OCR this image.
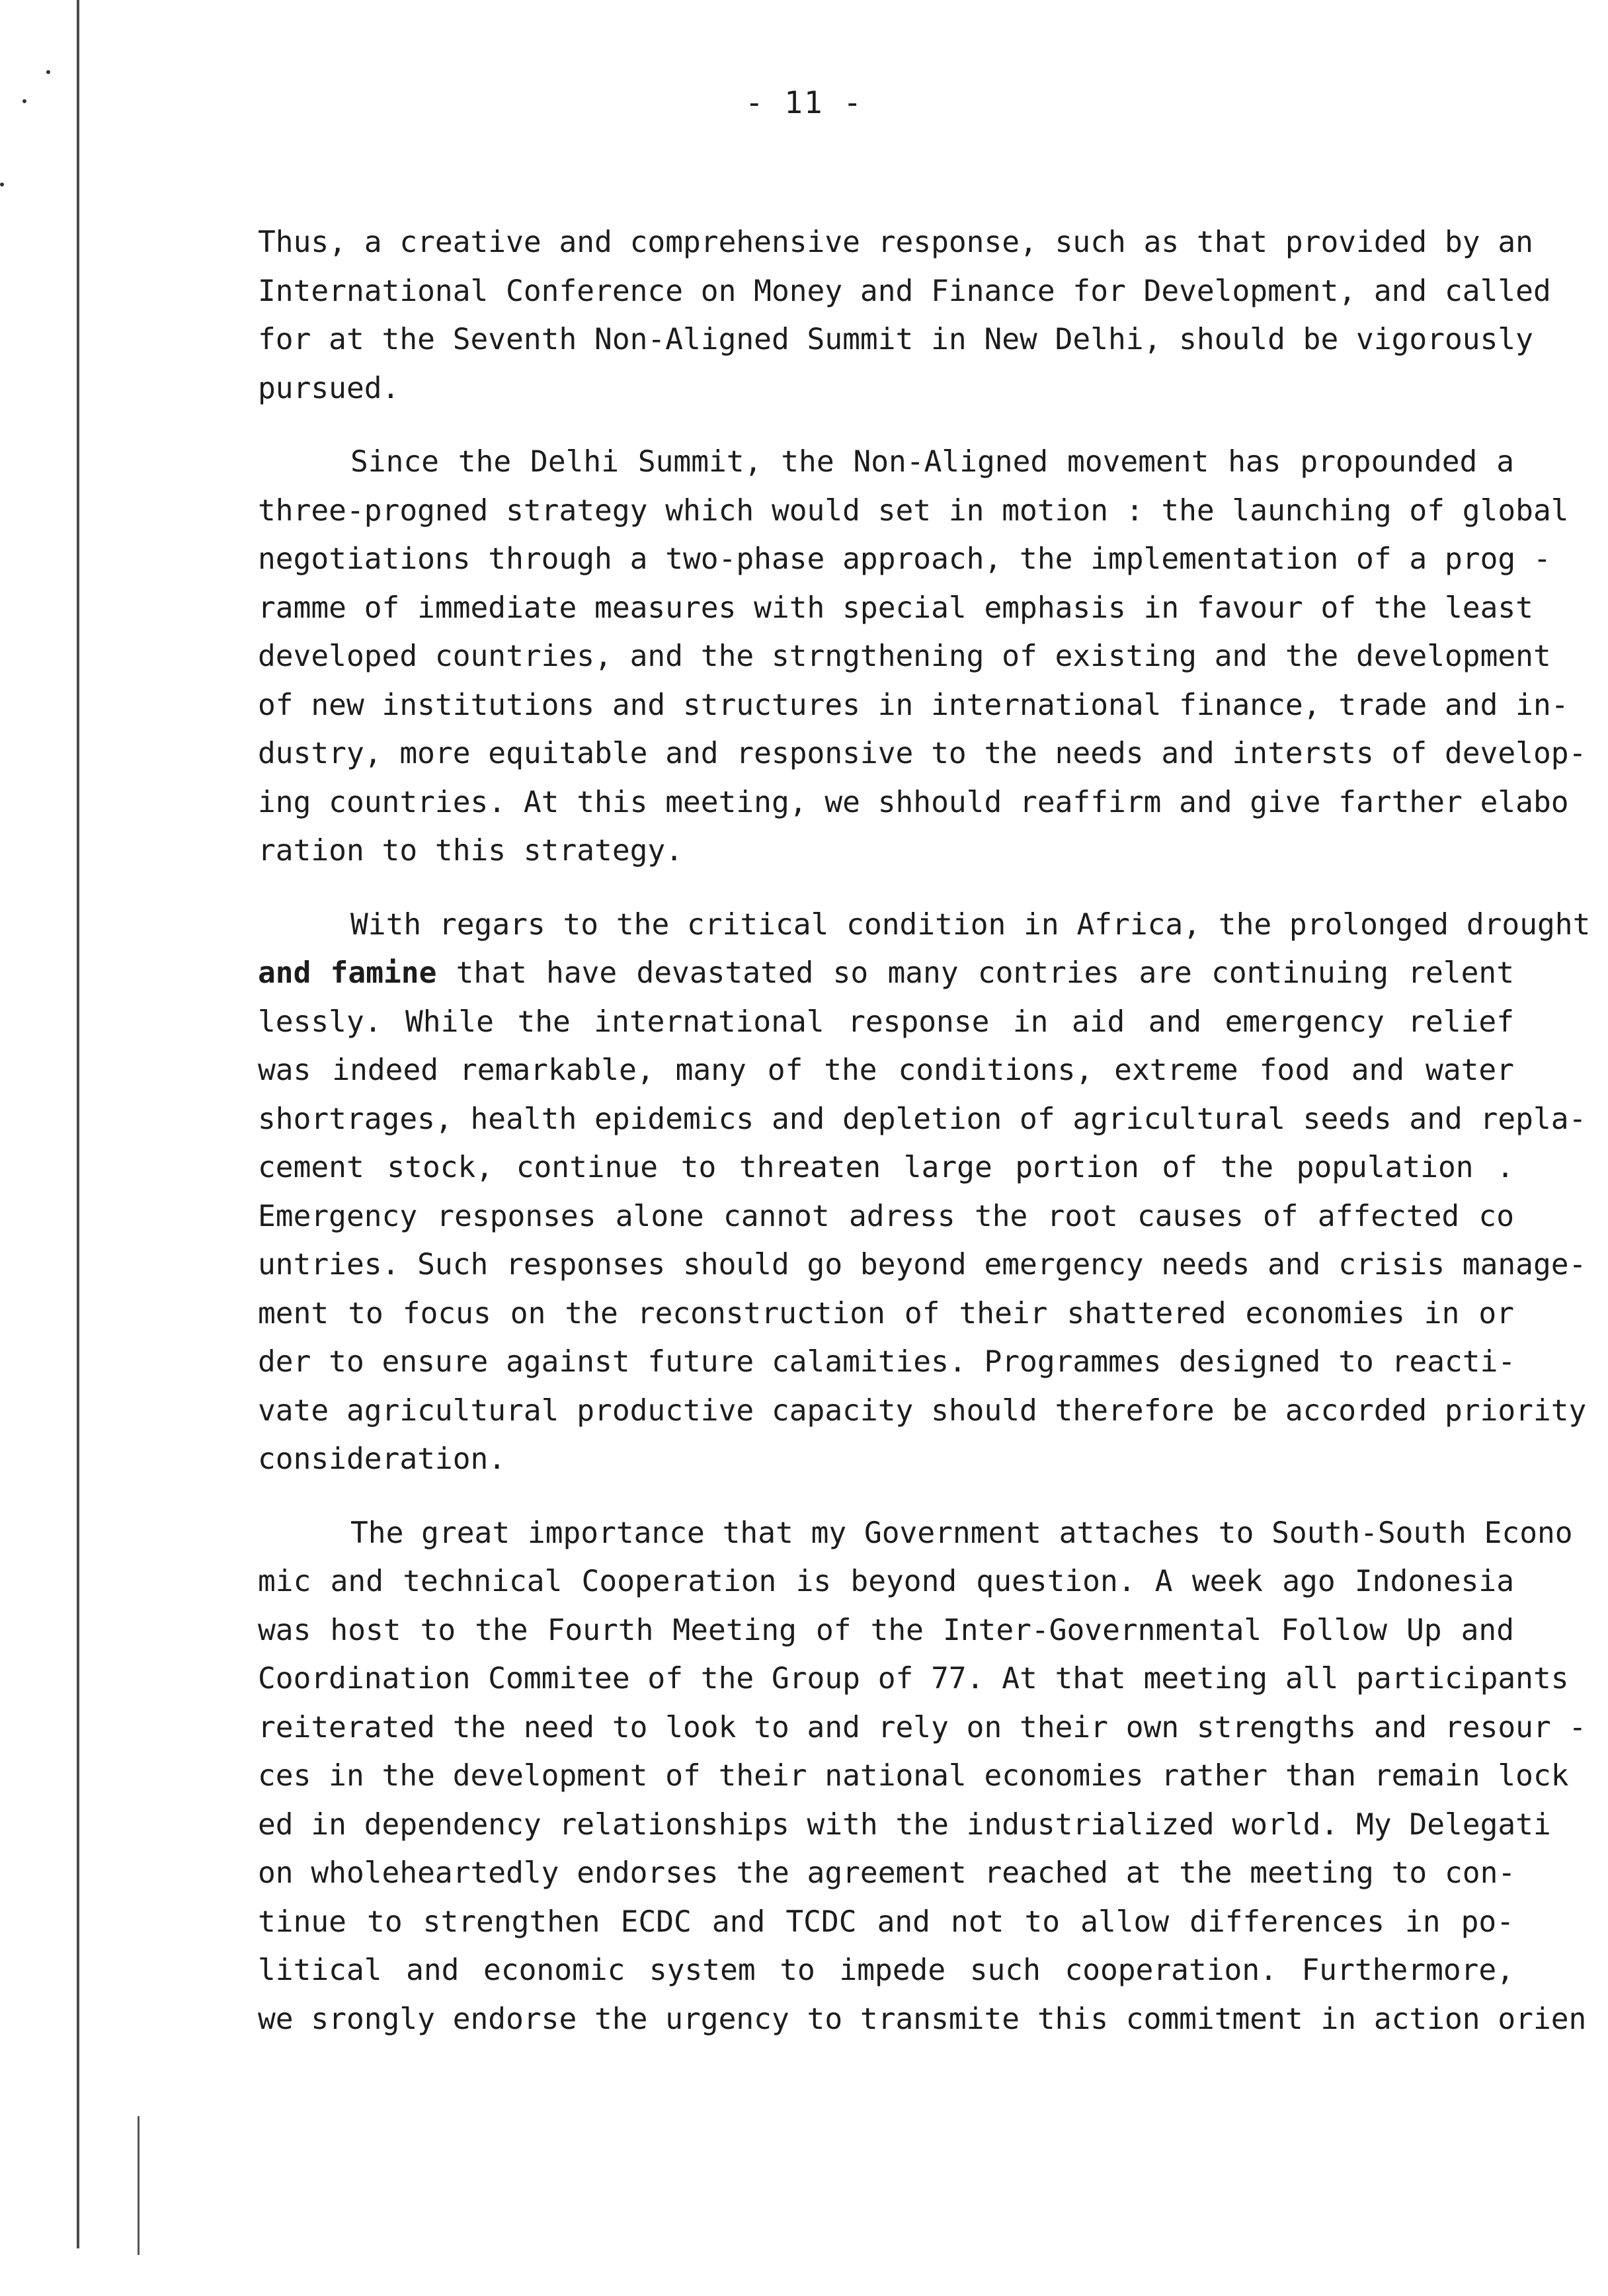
- 11 -

Thus, a creative and comprehensive response, such as that provided by an
International Conference on Money and Finance for Development, and called
for at the Seventh Non-Aligned Summit in New Delhi, should be vigorously
pursued.

Since the Delhi Summit, the Non-Aligned movement has propounded a
three-progned strategy which would set in motion : the launching of global
negotiations through a two-phase approach, the implementation of a prog -
ramme of immediate measures with special emphasis in favour of the least
developed countries, and the strngthening of existing and the development
of new institutions and structures in international finance, trade and in-
dustry, more equitable and responsive to the needs and intersts of develop-
ing countries. At this meeting, we shhould reaffirm and give farther elabo
ration to this strategy.

With regars to the critical condition in Africa, the prolonged drought
and famine that have devastated so many contries are continuing relent
lessly. While the international response in aid and emergency relief
was indeed remarkable, many of the conditions, extreme food and water
shortrages, health epidemics and depletion of agricultural seeds and repla-
cement stock, continue to threaten large portion of the population .
Emergency responses alone cannot adress the root causes of affected co
untries. Such responses should go beyond emergency needs and crisis manage-
ment to focus on the reconstruction of their shattered economies in or
der to ensure against future calamities. Programmes designed to reacti-
vate agricultural productive capacity should therefore be accorded priority
consideration.

The great importance that my Government attaches to South-South Econo
mic and technical Cooperation is beyond question. A week ago Indonesia
was host to the Fourth Meeting of the Inter-Governmental Follow Up and
Coordination Commitee of the Group of 77. At that meeting all participants
reiterated the need to look to and rely on their own strengths and resour -
ces in the development of their national economies rather than remain lock
ed in dependency relationships with the industrialized world. My Delegati
on wholeheartedly endorses the agreement reached at the meeting to con-
tinue to strengthen ECDC and TCDC and not to allow differences in po-
litical and economic system to impede such cooperation. Furthermore,
we srongly endorse the urgency to transmite this commitment in action orien
